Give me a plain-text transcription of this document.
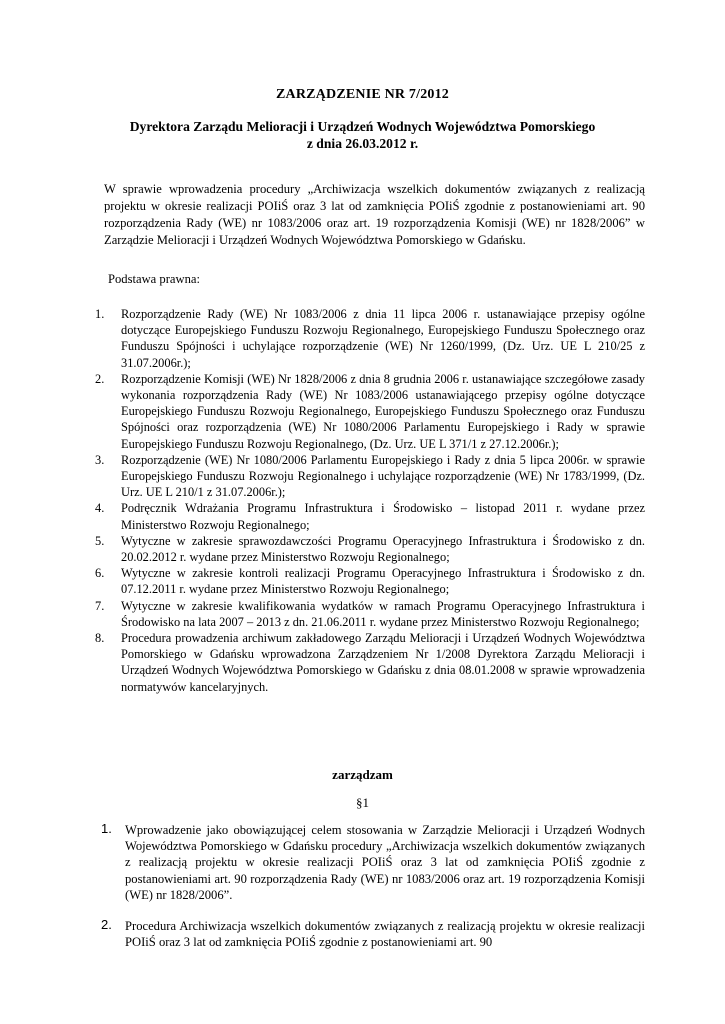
ZARZĄDZENIE NR 7/2012
Dyrektora Zarządu Melioracji i Urządzeń Wodnych Województwa Pomorskiego
z dnia 26.03.2012 r.
W sprawie wprowadzenia procedury „Archiwizacja wszelkich dokumentów związanych z realizacją projektu w okresie realizacji POIiŚ oraz 3 lat od zamknięcia POIiŚ zgodnie z postanowieniami art. 90 rozporządzenia Rady (WE) nr 1083/2006 oraz art. 19 rozporządzenia Komisji (WE) nr 1828/2006” w Zarządzie Melioracji i Urządzeń Wodnych Województwa Pomorskiego w Gdańsku.
Podstawa prawna:
1. Rozporządzenie Rady (WE) Nr 1083/2006 z dnia 11 lipca 2006 r. ustanawiające przepisy ogólne dotyczące Europejskiego Funduszu Rozwoju Regionalnego, Europejskiego Funduszu Społecznego oraz Funduszu Spójności i uchylające rozporządzenie (WE) Nr 1260/1999, (Dz. Urz. UE L 210/25 z 31.07.2006r.);
2. Rozporządzenie Komisji (WE) Nr 1828/2006 z dnia 8 grudnia 2006 r. ustanawiające szczegółowe zasady wykonania rozporządzenia Rady (WE) Nr 1083/2006 ustanawiającego przepisy ogólne dotyczące Europejskiego Funduszu Rozwoju Regionalnego, Europejskiego Funduszu Społecznego oraz Funduszu Spójności oraz rozporządzenia (WE) Nr 1080/2006 Parlamentu Europejskiego i Rady w sprawie Europejskiego Funduszu Rozwoju Regionalnego, (Dz. Urz. UE L 371/1 z 27.12.2006r.);
3. Rozporządzenie (WE) Nr 1080/2006 Parlamentu Europejskiego i Rady z dnia 5 lipca 2006r. w sprawie Europejskiego Funduszu Rozwoju Regionalnego i uchylające rozporządzenie (WE) Nr 1783/1999, (Dz. Urz. UE L 210/1 z 31.07.2006r.);
4. Podręcznik Wdrażania Programu Infrastruktura i Środowisko – listopad 2011 r. wydane przez Ministerstwo Rozwoju Regionalnego;
5. Wytyczne w zakresie sprawozdawczości Programu Operacyjnego Infrastruktura i Środowisko z dn. 20.02.2012 r. wydane przez Ministerstwo Rozwoju Regionalnego;
6. Wytyczne w zakresie kontroli realizacji Programu Operacyjnego Infrastruktura i Środowisko z dn. 07.12.2011 r. wydane przez Ministerstwo Rozwoju Regionalnego;
7. Wytyczne w zakresie kwalifikowania wydatków w ramach Programu Operacyjnego Infrastruktura i Środowisko na lata 2007 – 2013 z dn. 21.06.2011 r. wydane przez Ministerstwo Rozwoju Regionalnego;
8. Procedura prowadzenia archiwum zakładowego Zarządu Melioracji i Urządzeń Wodnych Województwa Pomorskiego w Gdańsku wprowadzona Zarządzeniem Nr 1/2008 Dyrektora Zarządu Melioracji i Urządzeń Wodnych Województwa Pomorskiego w Gdańsku z dnia 08.01.2008 w sprawie wprowadzenia normatywów kancelaryjnych.
zarządzam
§1
1. Wprowadzenie jako obowiązującej celem stosowania w Zarządzie Melioracji i Urządzeń Wodnych Województwa Pomorskiego w Gdańsku procedury „Archiwizacja wszelkich dokumentów związanych z realizacją projektu w okresie realizacji POIiŚ oraz 3 lat od zamknięcia POIiŚ zgodnie z postanowieniami art. 90 rozporządzenia Rady (WE) nr 1083/2006 oraz art. 19 rozporządzenia Komisji (WE) nr 1828/2006”.
2. Procedura Archiwizacja wszelkich dokumentów związanych z realizacją projektu w okresie realizacji POIiŚ oraz 3 lat od zamknięcia POIiŚ zgodnie z postanowieniami art. 90
